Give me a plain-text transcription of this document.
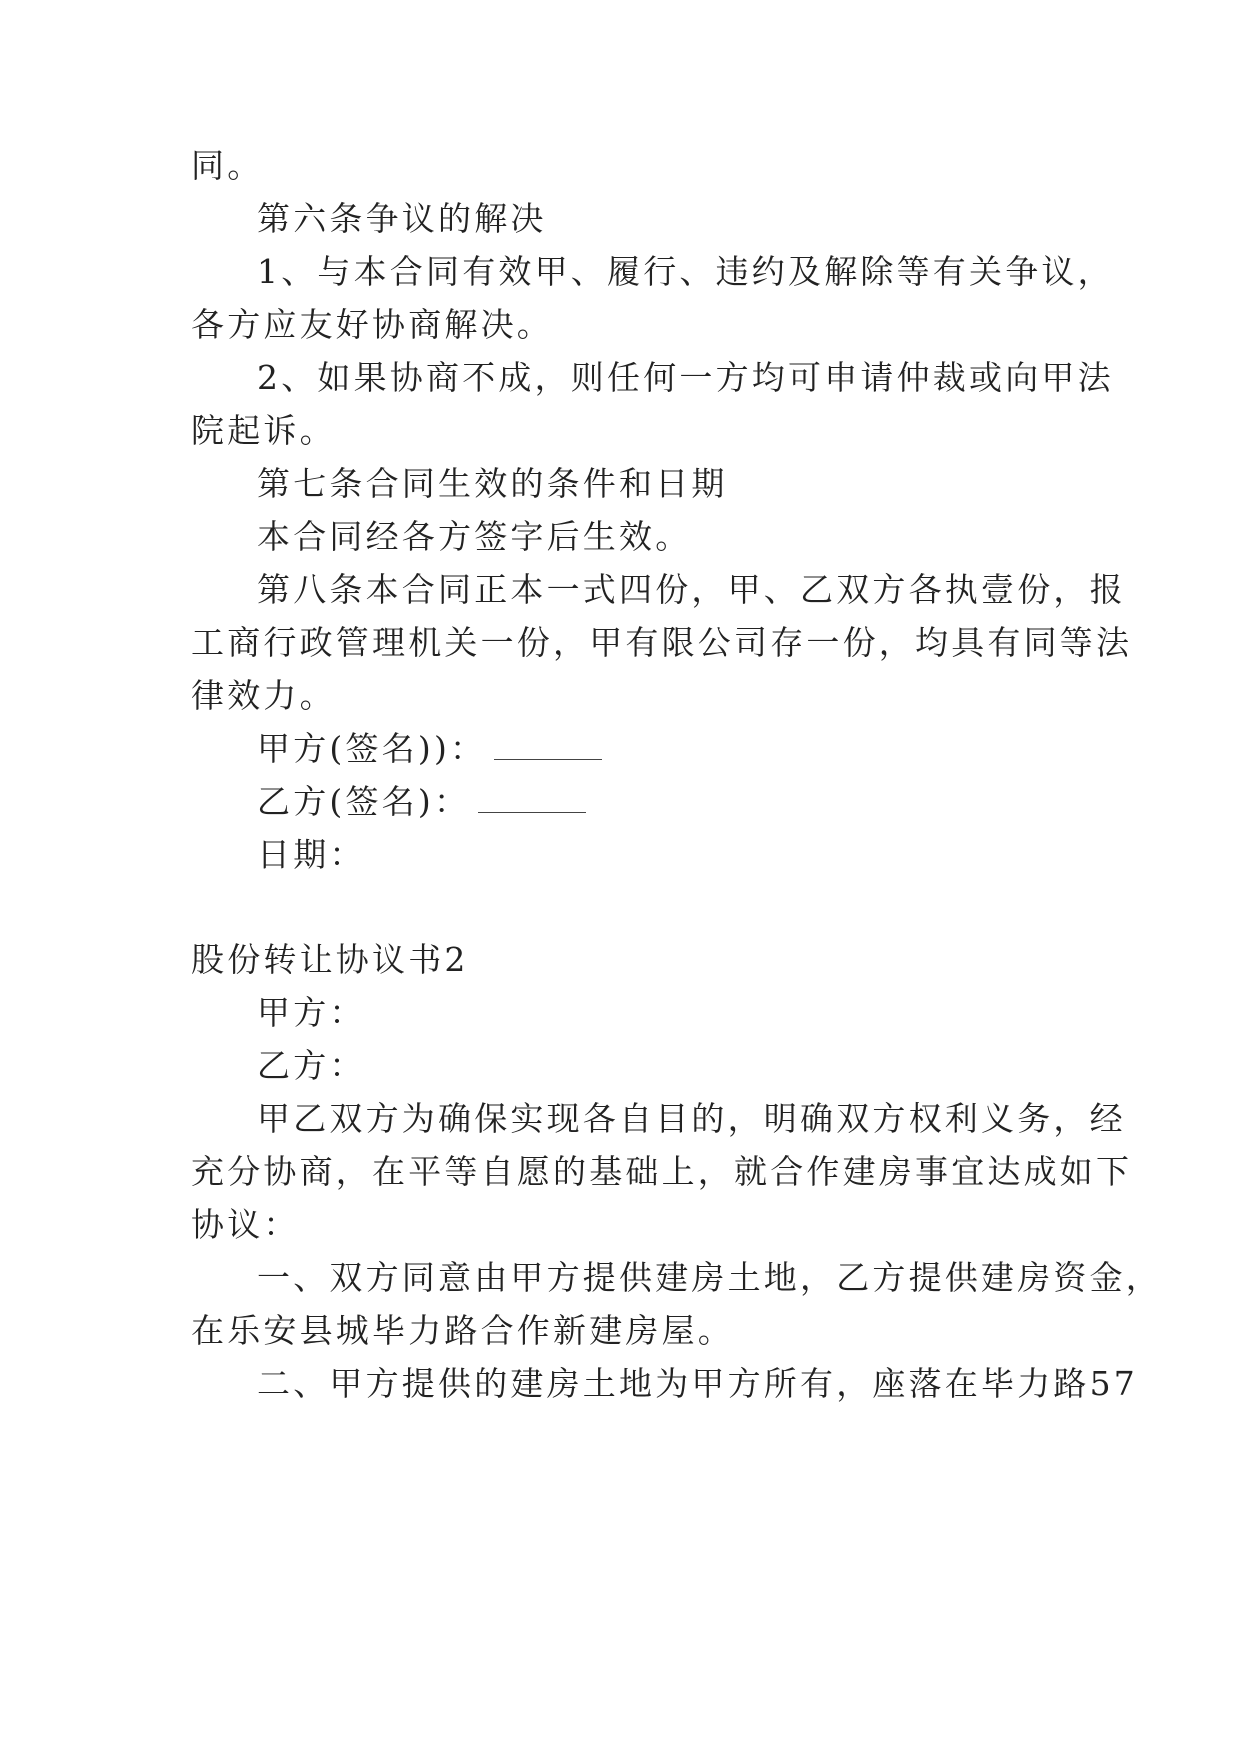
同。
第六条争议的解决
1、与本合同有效甲、履行、违约及解除等有关争议，
各方应友好协商解决。
2、如果协商不成，则任何一方均可申请仲裁或向甲法
院起诉。
第七条合同生效的条件和日期
本合同经各方签字后生效。
第八条本合同正本一式四份，甲、乙双方各执壹份，报
工商行政管理机关一份，甲有限公司存一份，均具有同等法
律效力。
甲方(签名))：
乙方(签名)：
日期：
股份转让协议书2
甲方：
乙方：
甲乙双方为确保实现各自目的，明确双方权利义务，经
充分协商，在平等自愿的基础上，就合作建房事宜达成如下
协议：
一、双方同意由甲方提供建房土地，乙方提供建房资金，
在乐安县城毕力路合作新建房屋。
二、甲方提供的建房土地为甲方所有，座落在毕力路57
